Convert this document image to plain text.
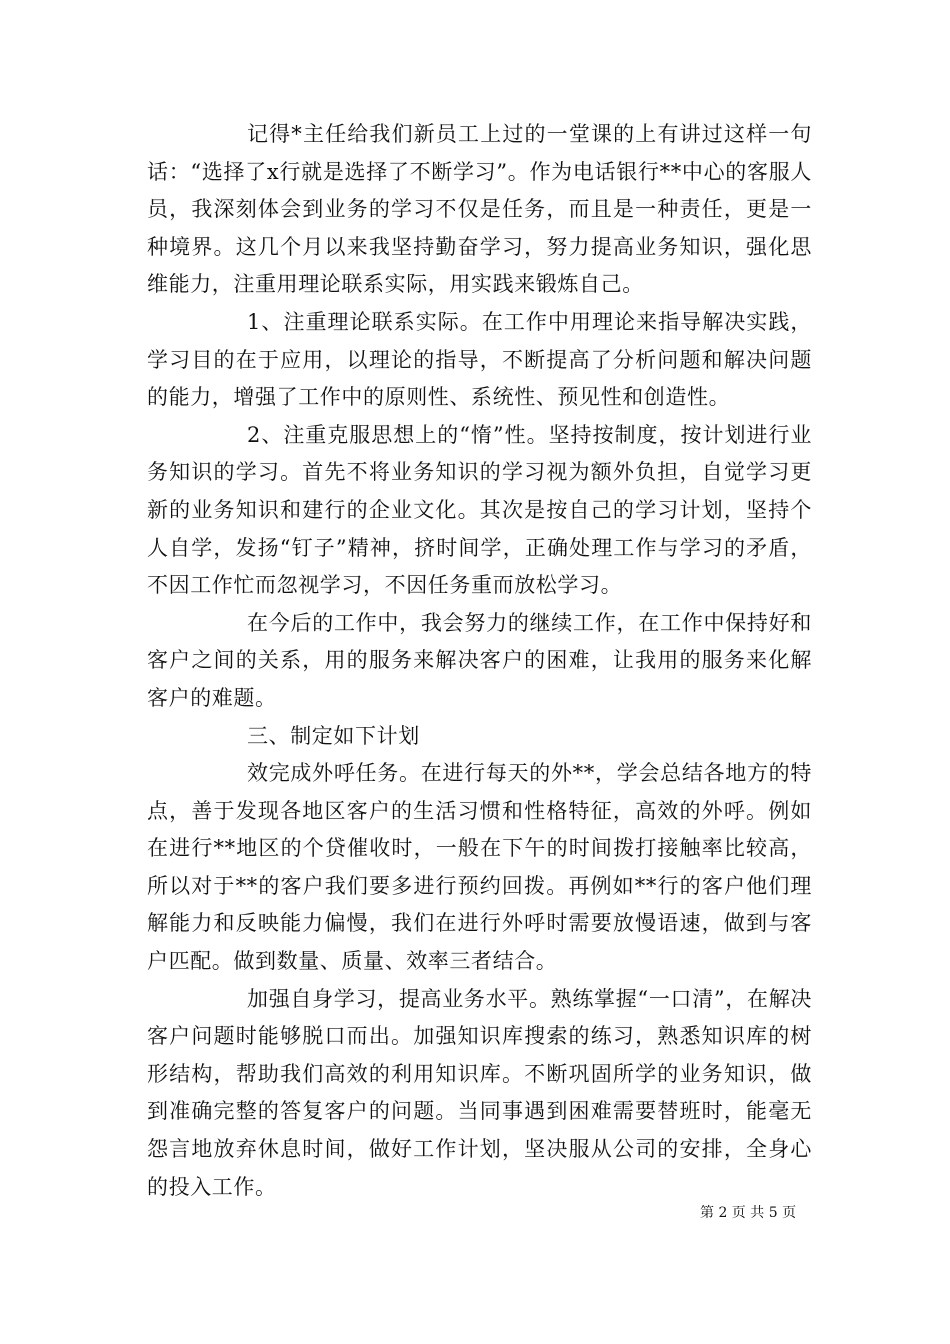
记得*主任给我们新员工上过的一堂课的上有讲过这样一句话：“选择了x行就是选择了不断学习”。作为电话银行**中心的客服人员，我深刻体会到业务的学习不仅是任务，而且是一种责任，更是一种境界。这几个月以来我坚持勤奋学习，努力提高业务知识，强化思维能力，注重用理论联系实际，用实践来锻炼自己。

1、注重理论联系实际。在工作中用理论来指导解决实践，学习目的在于应用，以理论的指导，不断提高了分析问题和解决问题的能力，增强了工作中的原则性、系统性、预见性和创造性。

2、注重克服思想上的“惰”性。坚持按制度，按计划进行业务知识的学习。首先不将业务知识的学习视为额外负担，自觉学习更新的业务知识和建行的企业文化。其次是按自己的学习计划，坚持个人自学，发扬“钉子”精神，挤时间学，正确处理工作与学习的矛盾，不因工作忙而忽视学习，不因任务重而放松学习。

在今后的工作中，我会努力的继续工作，在工作中保持好和客户之间的关系，用的服务来解决客户的困难，让我用的服务来化解客户的难题。

三、制定如下计划

效完成外呼任务。在进行每天的外**，学会总结各地方的特点，善于发现各地区客户的生活习惯和性格特征，高效的外呼。例如在进行**地区的个贷催收时，一般在下午的时间拨打接触率比较高，所以对于**的客户我们要多进行预约回拨。再例如**行的客户他们理解能力和反映能力偏慢，我们在进行外呼时需要放慢语速，做到与客户匹配。做到数量、质量、效率三者结合。

加强自身学习，提高业务水平。熟练掌握“一口清”，在解决客户问题时能够脱口而出。加强知识库搜索的练习，熟悉知识库的树形结构，帮助我们高效的利用知识库。不断巩固所学的业务知识，做到准确完整的答复客户的问题。当同事遇到困难需要替班时，能毫无怨言地放弃休息时间，做好工作计划，坚决服从公司的安排，全身心的投入工作。

第 2 页 共 5 页
